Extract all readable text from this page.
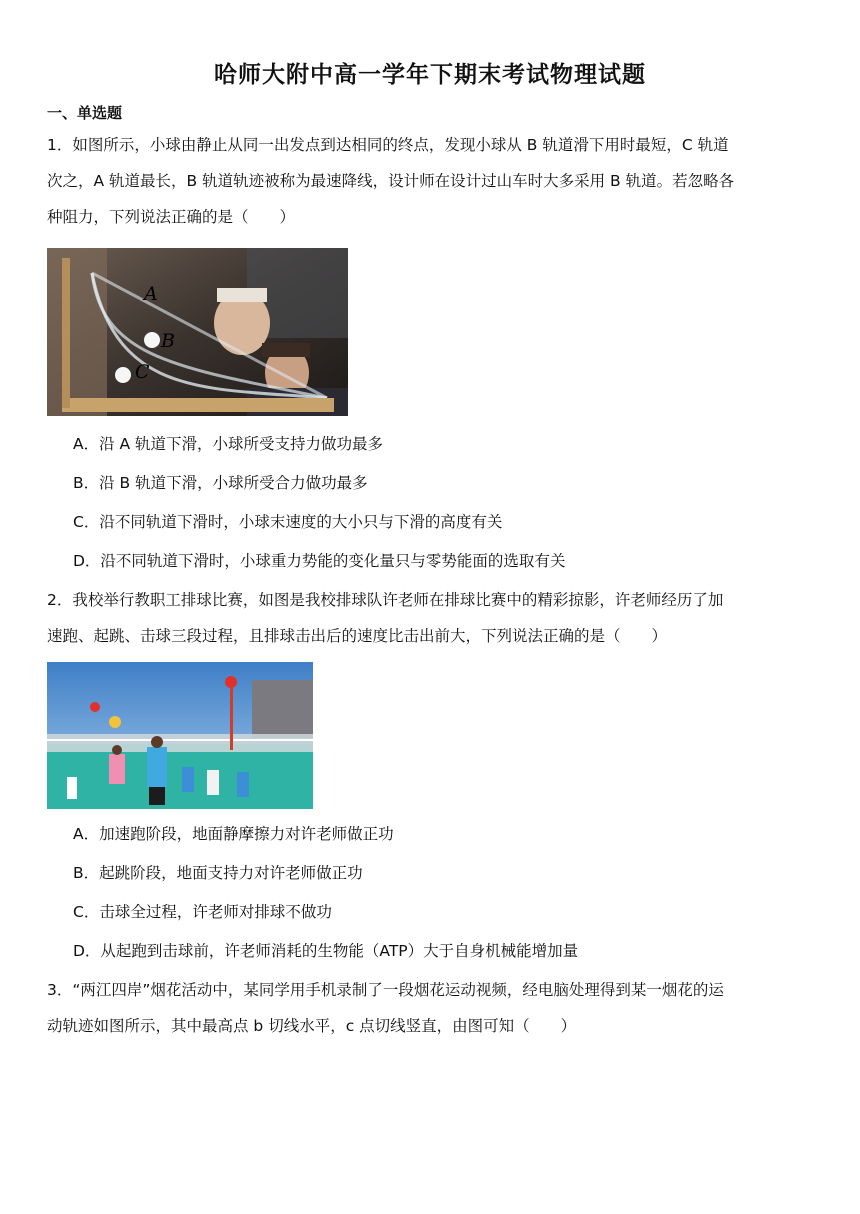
哈师大附中高一学年下期末考试物理试题
一、单选题
1．如图所示，小球由静止从同一出发点到达相同的终点，发现小球从 B 轨道滑下用时最短，C 轨道
次之，A 轨道最长，B 轨道轨迹被称为最速降线，设计师在设计过山车时大多采用 B 轨道。若忽略各
种阻力，下列说法正确的是（　　）
A
B
C
A．沿 A 轨道下滑，小球所受支持力做功最多
B．沿 B 轨道下滑，小球所受合力做功最多
C．沿不同轨道下滑时，小球末速度的大小只与下滑的高度有关
D．沿不同轨道下滑时，小球重力势能的变化量只与零势能面的选取有关
2．我校举行教职工排球比赛，如图是我校排球队许老师在排球比赛中的精彩掠影，许老师经历了加
速跑、起跳、击球三段过程，且排球击出后的速度比击出前大，下列说法正确的是（　　）
A．加速跑阶段，地面静摩擦力对许老师做正功
B．起跳阶段，地面支持力对许老师做正功
C．击球全过程，许老师对排球不做功
D．从起跑到击球前，许老师消耗的生物能（ATP）大于自身机械能增加量
3．“两江四岸”烟花活动中，某同学用手机录制了一段烟花运动视频，经电脑处理得到某一烟花的运
动轨迹如图所示，其中最高点 b 切线水平，c 点切线竖直，由图可知（　　）
